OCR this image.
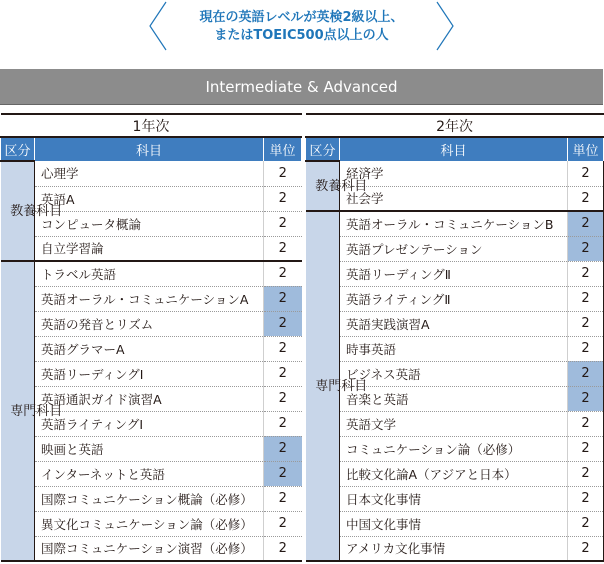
現在の英語レベルが英検2級以上、
またはTOEIC500点以上の人
Intermediate & Advanced
1年次				2年次		
区分	科目	単位		区分	科目	単位
教養科目	心理学	2		教養科目	経済学	2
	英語A	2			社会学	2
	コンピュータ概論	2		専門科目	英語オーラル・コミュニケーションB	2
	自立学習論	2			英語プレゼンテーション	2
専門科目	トラベル英語	2			英語リーディングⅡ	2
	英語オーラル・コミュニケーションA	2			英語ライティングⅡ	2
	英語の発音とリズム	2			英語実践演習A	2
	英語グラマーA	2			時事英語	2
	英語リーディングⅠ	2			ビジネス英語	2
	英語通訳ガイド演習A	2			音楽と英語	2
	英語ライティングⅠ	2			英語文学	2
	映画と英語	2			コミュニケーション論（必修）	2
	インターネットと英語	2			比較文化論A（アジアと日本）	2
	国際コミュニケーション概論（必修）	2			日本文化事情	2
	異文化コミュニケーション論（必修）	2			中国文化事情	2
	国際コミュニケーション演習（必修）	2			アメリカ文化事情	2
